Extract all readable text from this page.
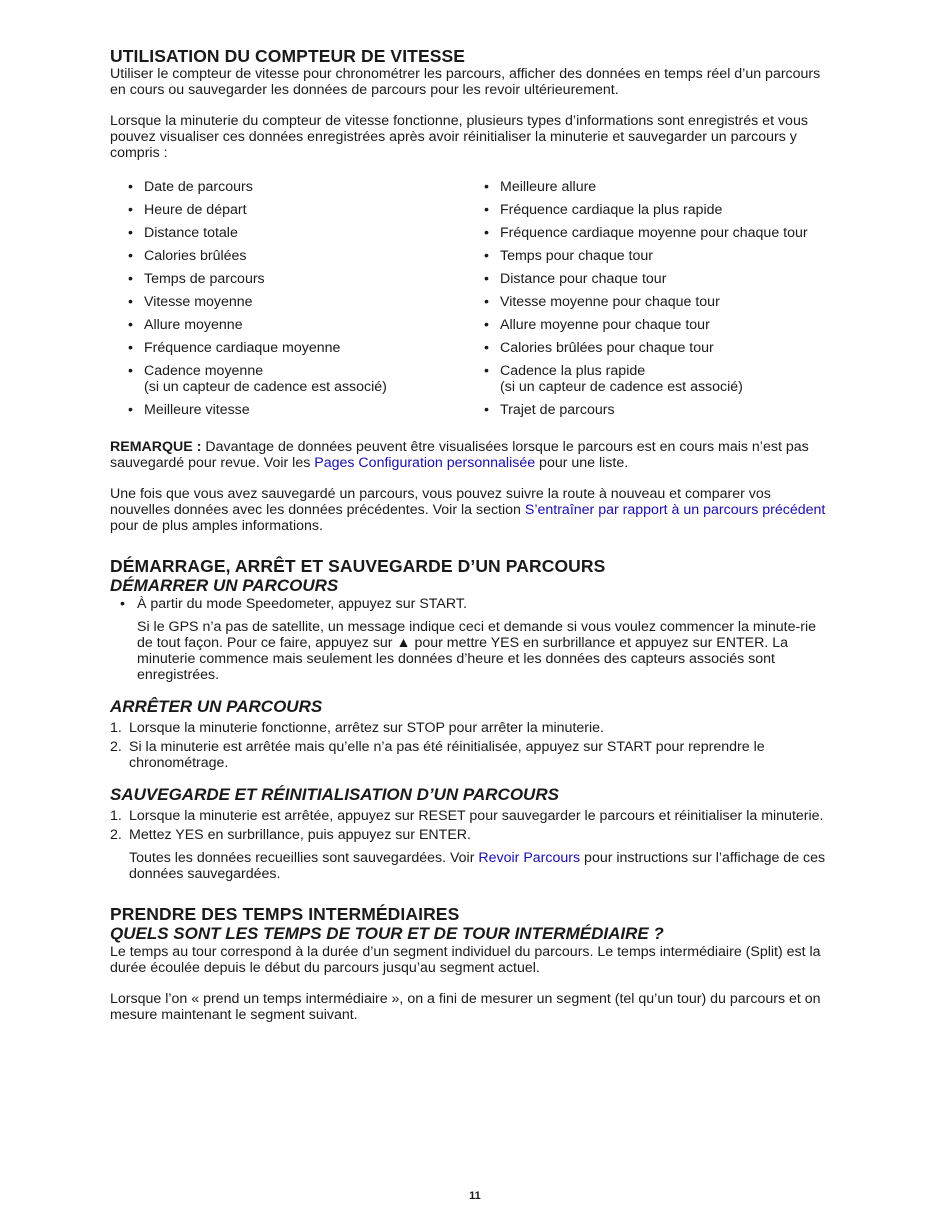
UTILISATION DU COMPTEUR DE VITESSE

Utiliser le compteur de vitesse pour chronométrer les parcours, afficher des données en temps réel d’un parcours en cours ou sauvegarder les données de parcours pour les revoir ultérieurement.

Lorsque la minuterie du compteur de vitesse fonctionne, plusieurs types d’informations sont enregistrés et vous pouvez visualiser ces données enregistrées après avoir réinitialiser la minuterie et sauvegarder un parcours y compris :

• Date de parcours
• Heure de départ
• Distance totale
• Calories brûlées
• Temps de parcours
• Vitesse moyenne
• Allure moyenne
• Fréquence cardiaque moyenne
• Cadence moyenne
(si un capteur de cadence est associé)
• Meilleure vitesse
• Meilleure allure
• Fréquence cardiaque la plus rapide
• Fréquence cardiaque moyenne pour chaque tour
• Temps pour chaque tour
• Distance pour chaque tour
• Vitesse moyenne pour chaque tour
• Allure moyenne pour chaque tour
• Calories brûlées pour chaque tour
• Cadence la plus rapide
(si un capteur de cadence est associé)
• Trajet de parcours

REMARQUE : Davantage de données peuvent être visualisées lorsque le parcours est en cours mais n’est pas sauvegardé pour revue. Voir les Pages Configuration personnalisée pour une liste.

Une fois que vous avez sauvegardé un parcours, vous pouvez suivre la route à nouveau et comparer vos nouvelles données avec les données précédentes. Voir la section S’entraîner par rapport à un parcours précédent pour de plus amples informations.

DÉMARRAGE, ARRÊT ET SAUVEGARDE D’UN PARCOURS
DÉMARRER UN PARCOURS

• À partir du mode Speedometer, appuyez sur START.

Si le GPS n’a pas de satellite, un message indique ceci et demande si vous voulez commencer la minute-rie de tout façon. Pour ce faire, appuyez sur ▲ pour mettre YES en surbrillance et appuyez sur ENTER. La minuterie commence mais seulement les données d’heure et les données des capteurs associés sont enregistrées.

ARRÊTER UN PARCOURS

1. Lorsque la minuterie fonctionne, arrêtez sur STOP pour arrêter la minuterie.

2. Si la minuterie est arrêtée mais qu’elle n’a pas été réinitialisée, appuyez sur START pour reprendre le chronométrage.

SAUVEGARDE ET RÉINITIALISATION D’UN PARCOURS

1. Lorsque la minuterie est arrêtée, appuyez sur RESET pour sauvegarder le parcours et réinitialiser la minuterie.

2. Mettez YES en surbrillance, puis appuyez sur ENTER.

Toutes les données recueillies sont sauvegardées. Voir Revoir Parcours pour instructions sur l’affichage de ces données sauvegardées.

PRENDRE DES TEMPS INTERMÉDIAIRES
QUELS SONT LES TEMPS DE TOUR ET DE TOUR INTERMÉDIAIRE ?

Le temps au tour correspond à la durée d’un segment individuel du parcours. Le temps intermédiaire (Split) est la durée écoulée depuis le début du parcours jusqu’au segment actuel.

Lorsque l’on « prend un temps intermédiaire », on a fini de mesurer un segment (tel qu’un tour) du parcours et on mesure maintenant le segment suivant.

11
